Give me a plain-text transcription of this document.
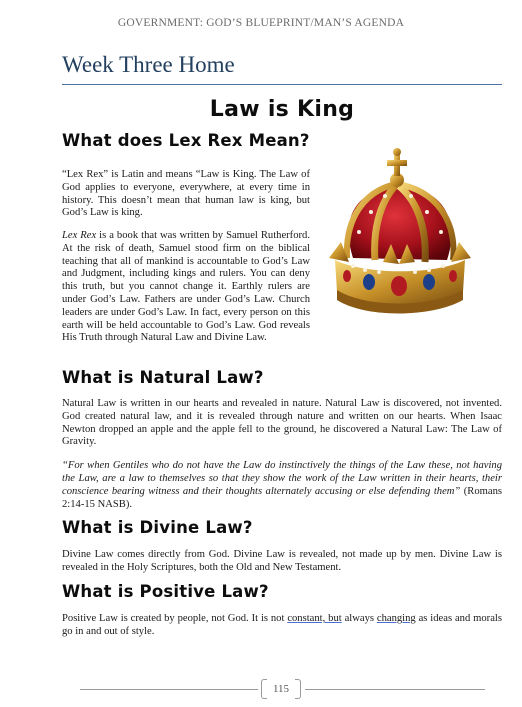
GOVERNMENT: GOD’S BLUEPRINT/MAN’S AGENDA
Week Three Home
Law is King
What does Lex Rex Mean?

“Lex Rex” is Latin and means “Law is King. The Law of God applies to everyone, everywhere, at every time in history. This doesn’t mean that human law is king, but God’s Law is king.

Lex Rex is a book that was written by Samuel Rutherford. At the risk of death, Samuel stood firm on the biblical teaching that all of mankind is accountable to God’s Law and Judgment, including kings and rulers. You can deny this truth, but you cannot change it. Earthly rulers are under God’s Law. Fathers are under God’s Law. Church leaders are under God’s Law. In fact, every person on this earth will be held accountable to God’s Law. God reveals His Truth through Natural Law and Divine Law.

What is Natural Law?

Natural Law is written in our hearts and revealed in nature. Natural Law is discovered, not invented. God created natural law, and it is revealed through nature and written on our hearts. When Isaac Newton dropped an apple and the apple fell to the ground, he discovered a Natural Law: The Law of Gravity.

“For when Gentiles who do not have the Law do instinctively the things of the Law these, not having the Law, are a law to themselves so that they show the work of the Law written in their hearts, their conscience bearing witness and their thoughts alternately accusing or else defending them” (Romans 2:14-15 NASB).

What is Divine Law?

Divine Law comes directly from God. Divine Law is revealed, not made up by men. Divine Law is revealed in the Holy Scriptures, both the Old and New Testament.

What is Positive Law?

Positive Law is created by people, not God. It is not constant, but always changing as ideas and morals go in and out of style.

115
